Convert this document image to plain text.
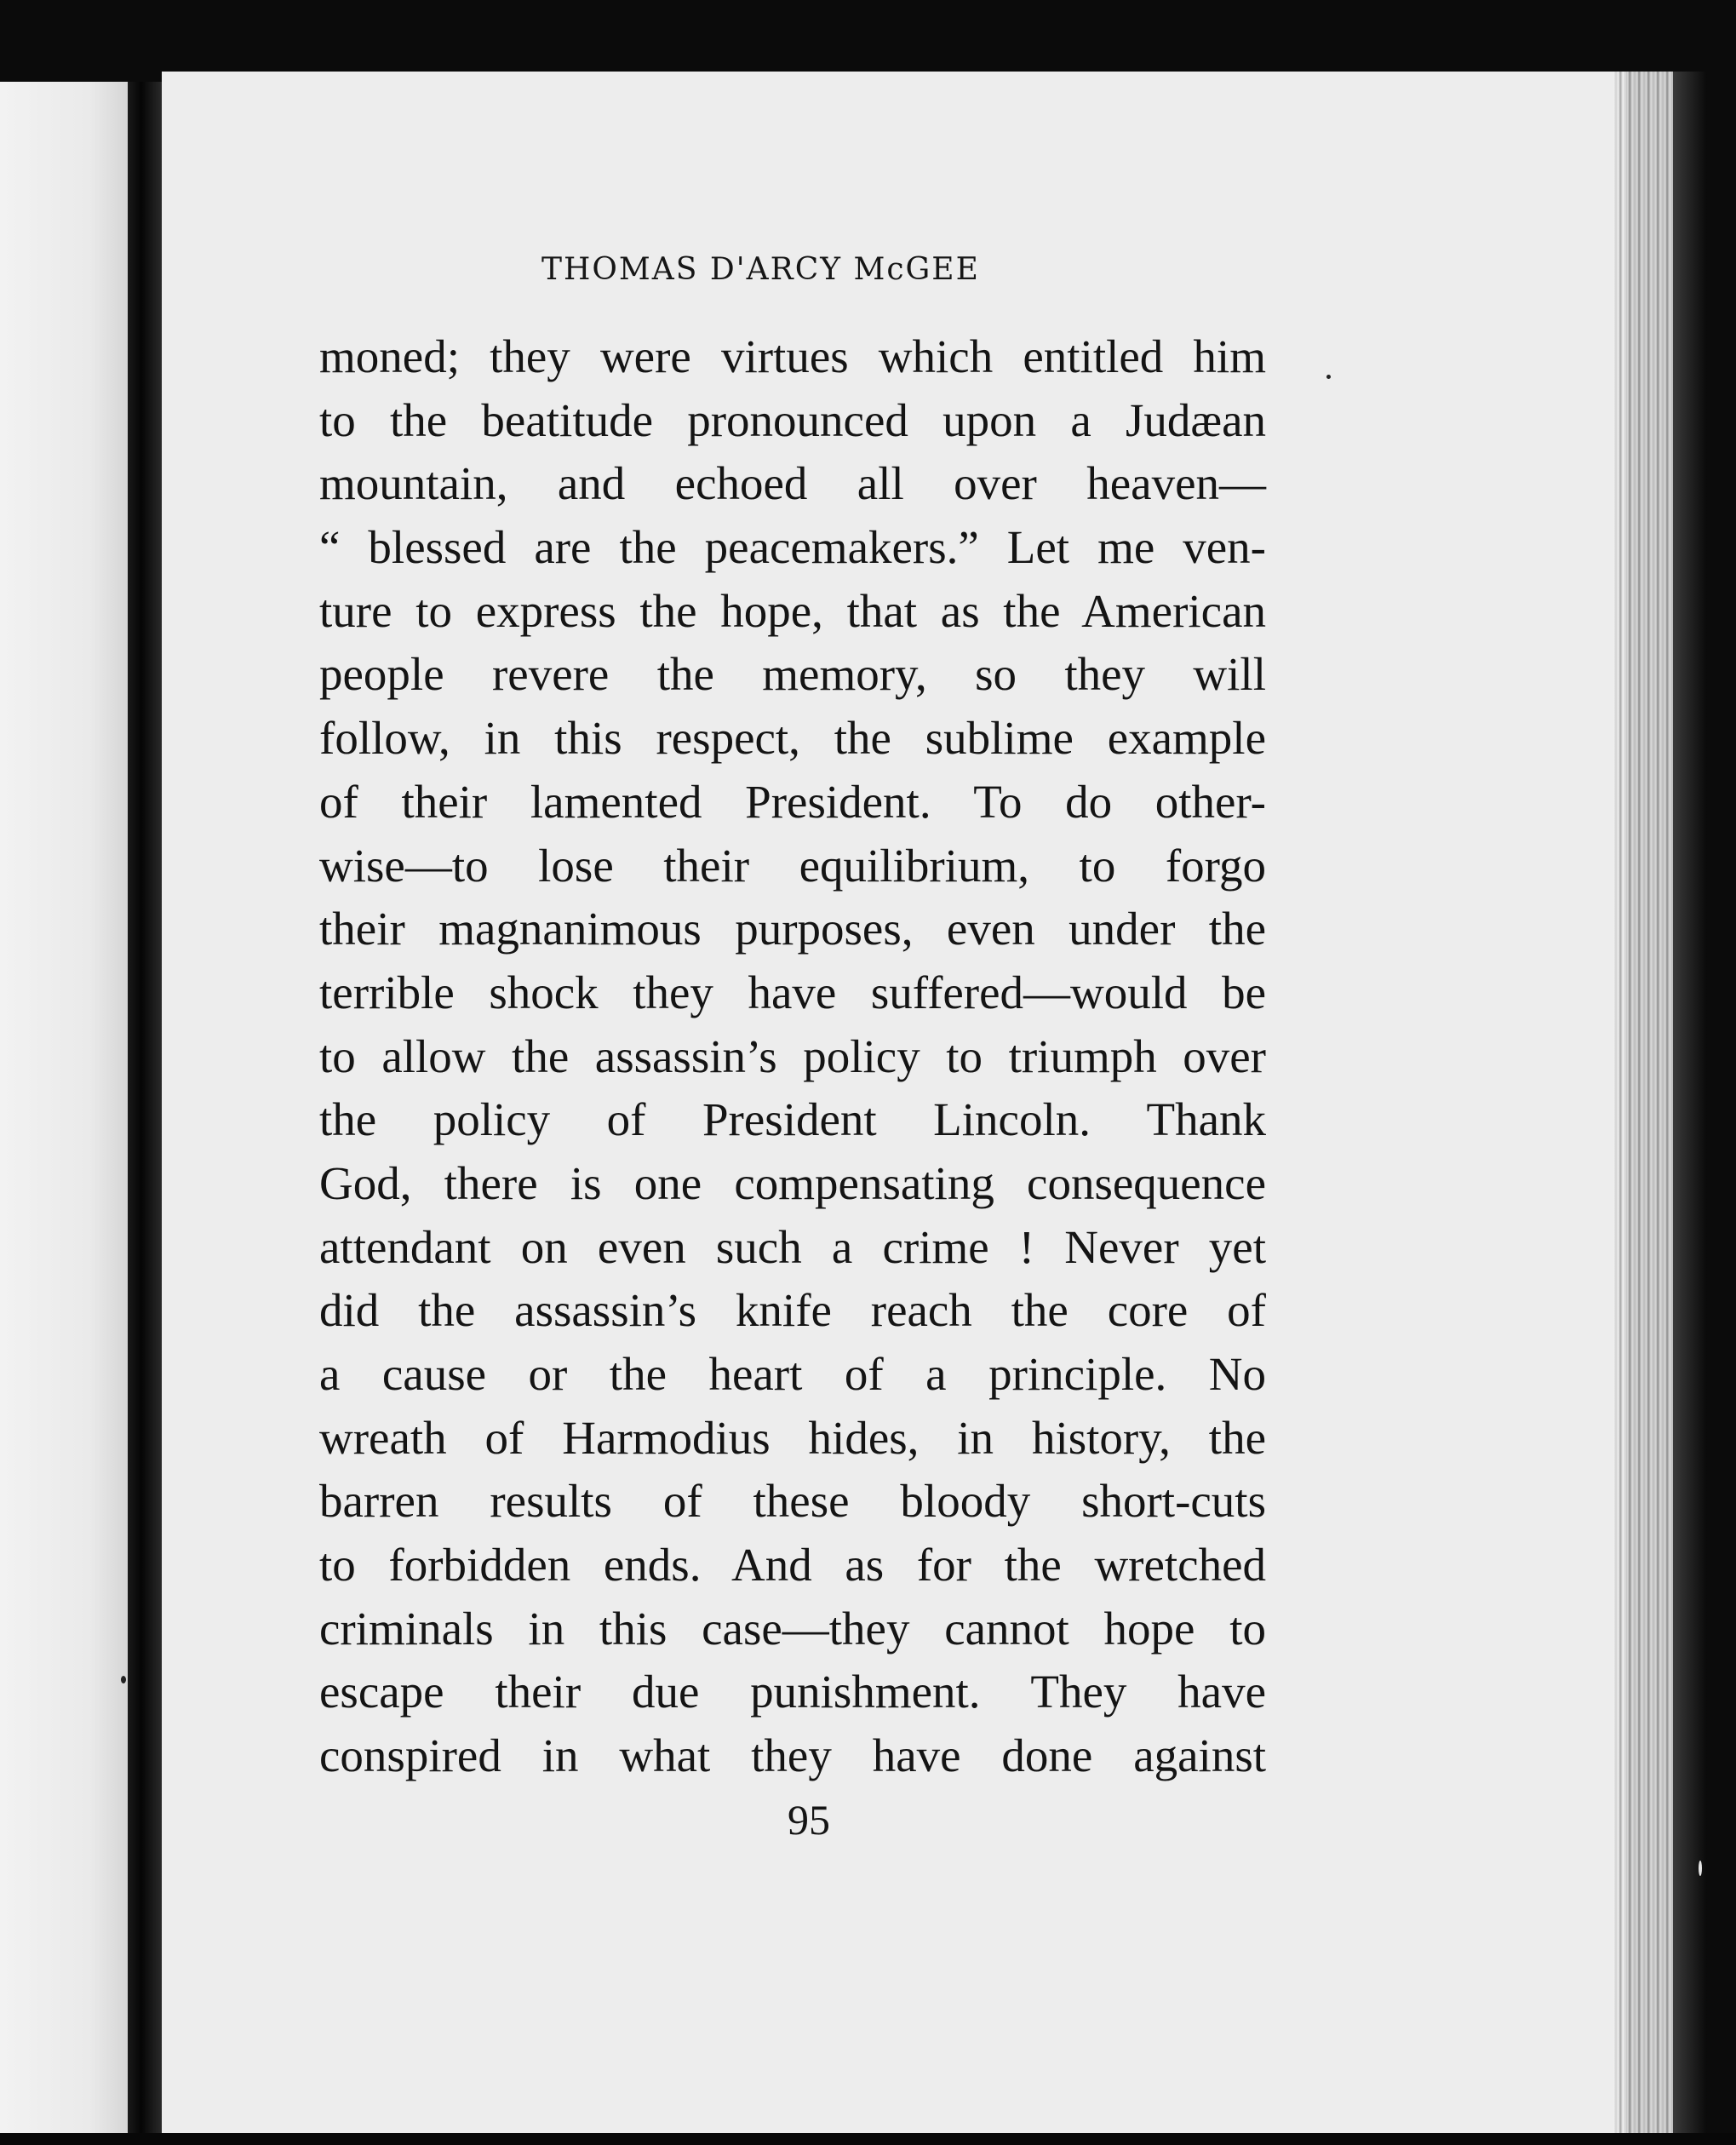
THOMAS D'ARCY McGEE
moned; they were virtues which entitled him
to the beatitude pronounced upon a Judæan
mountain, and echoed all over heaven—
“ blessed are the peacemakers.” Let me ven-
ture to express the hope, that as the American
people revere the memory, so they will
follow, in this respect, the sublime example
of their lamented President. To do other-
wise—to lose their equilibrium, to forgo
their magnanimous purposes, even under the
terrible shock they have suffered—would be
to allow the assassin’s policy to triumph over
the policy of President Lincoln. Thank
God, there is one compensating consequence
attendant on even such a crime ! Never yet
did the assassin’s knife reach the core of
a cause or the heart of a principle. No
wreath of Harmodius hides, in history, the
barren results of these bloody short-cuts
to forbidden ends. And as for the wretched
criminals in this case—they cannot hope to
escape their due punishment. They have
conspired in what they have done against
95
